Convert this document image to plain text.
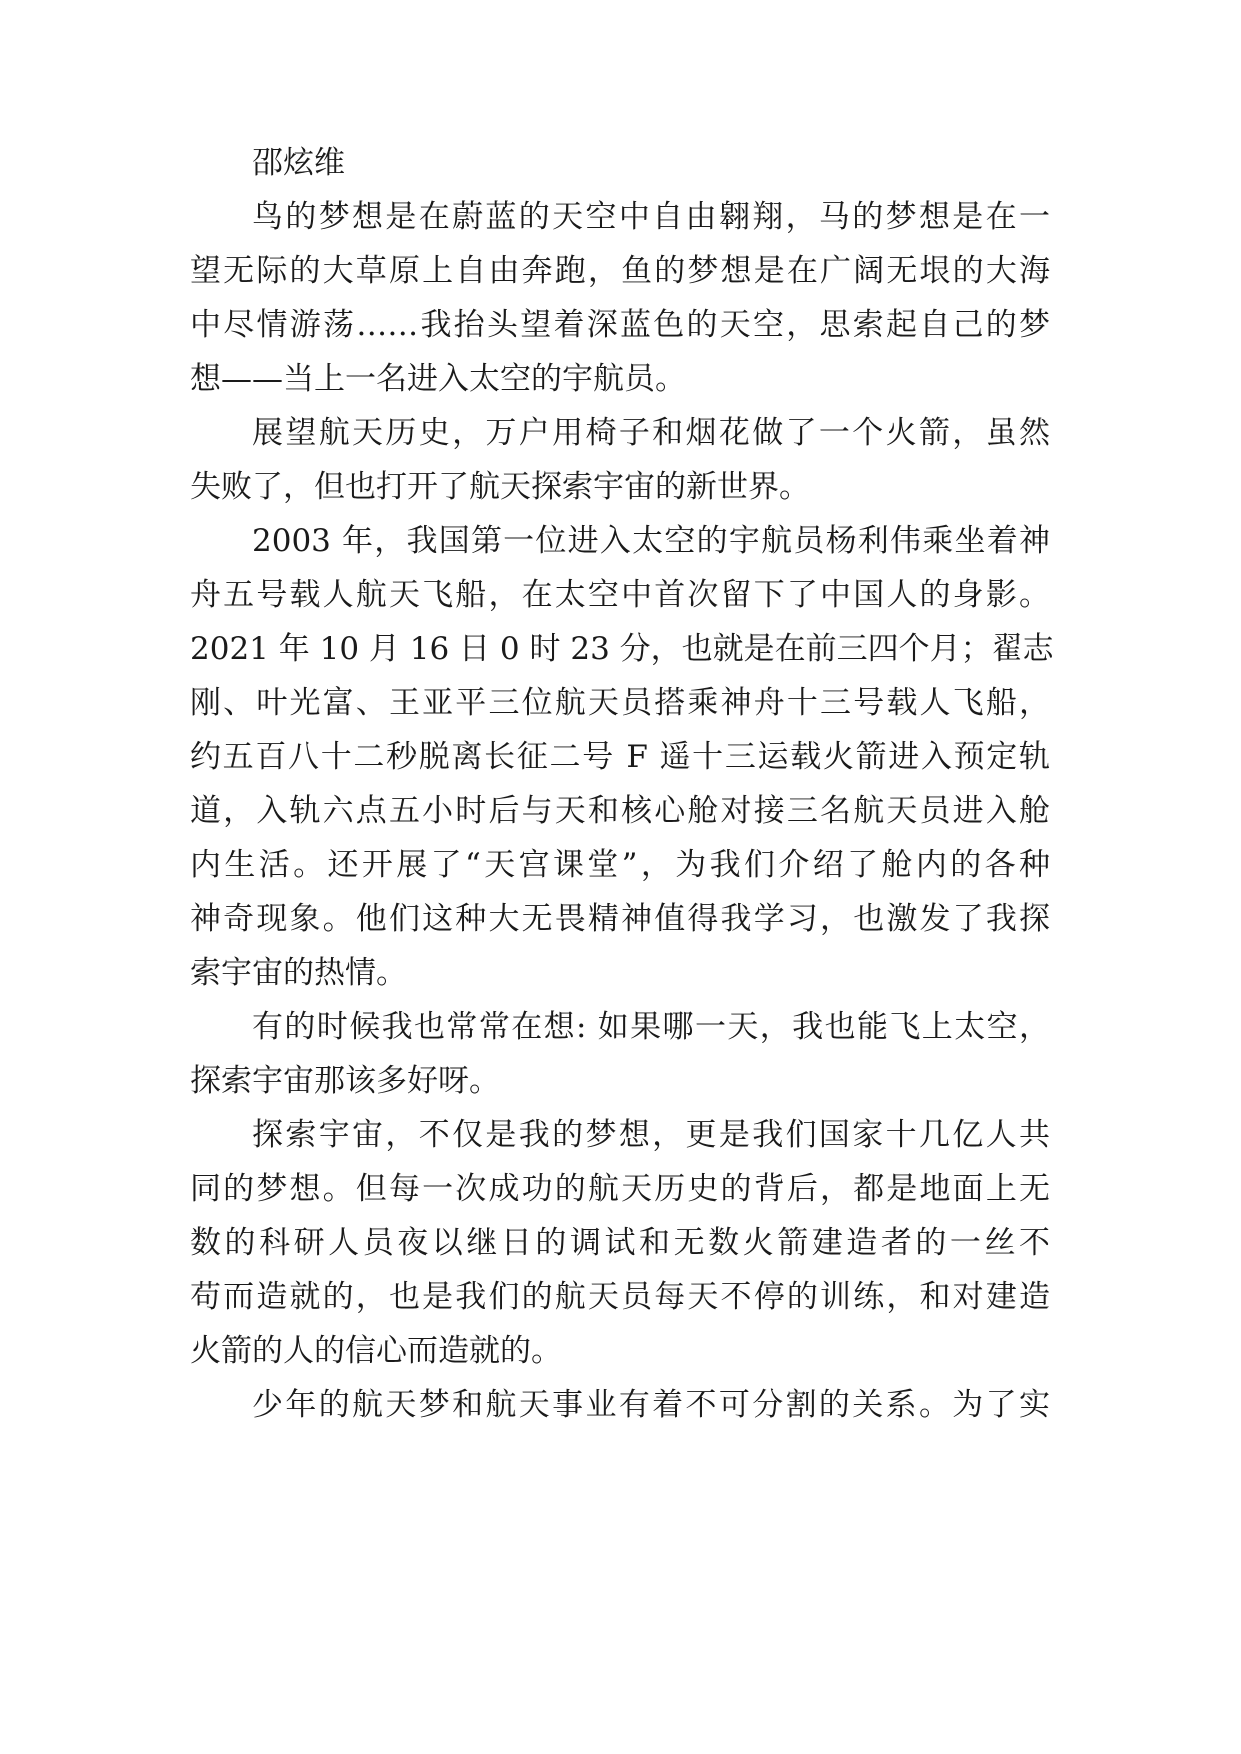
邵炫维
鸟的梦想是在蔚蓝的天空中自由翱翔，马的梦想是在一
望无际的大草原上自由奔跑，鱼的梦想是在广阔无垠的大海
中尽情游荡……我抬头望着深蓝色的天空，思索起自己的梦
想——当上一名进入太空的宇航员。
展望航天历史，万户用椅子和烟花做了一个火箭，虽然
失败了，但也打开了航天探索宇宙的新世界。
2003 年，我国第一位进入太空的宇航员杨利伟乘坐着神
舟五号载人航天飞船，在太空中首次留下了中国人的身影。
2021 年 10 月 16 日 0 时 23 分，也就是在前三四个月；翟志
刚、叶光富、王亚平三位航天员搭乘神舟十三号载人飞船，
约五百八十二秒脱离长征二号 F 遥十三运载火箭进入预定轨
道，入轨六点五小时后与天和核心舱对接三名航天员进入舱
内生活。还开展了“天宫课堂”，为我们介绍了舱内的各种
神奇现象。他们这种大无畏精神值得我学习，也激发了我探
索宇宙的热情。
有的时候我也常常在想: 如果哪一天，我也能飞上太空，
探索宇宙那该多好呀。
探索宇宙，不仅是我的梦想，更是我们国家十几亿人共
同的梦想。但每一次成功的航天历史的背后，都是地面上无
数的科研人员夜以继日的调试和无数火箭建造者的一丝不
苟而造就的，也是我们的航天员每天不停的训练，和对建造
火箭的人的信心而造就的。
少年的航天梦和航天事业有着不可分割的关系。为了实
